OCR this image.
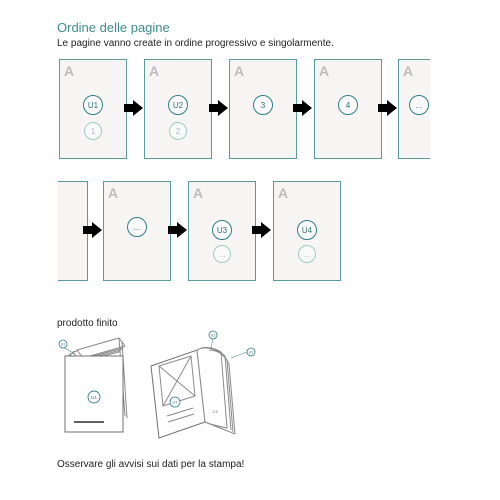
Ordine delle pagine
Le pagine vanno create in ordine progressivo e singolarmente.
A
U1
1
A
U2
2
A
3
A
4
A
...
A
...
A
U3
...
A
U4
...
prodotto finito
U1
U1
2 3
U1
U1
U1
Osservare gli avvisi sui dati per la stampa!
